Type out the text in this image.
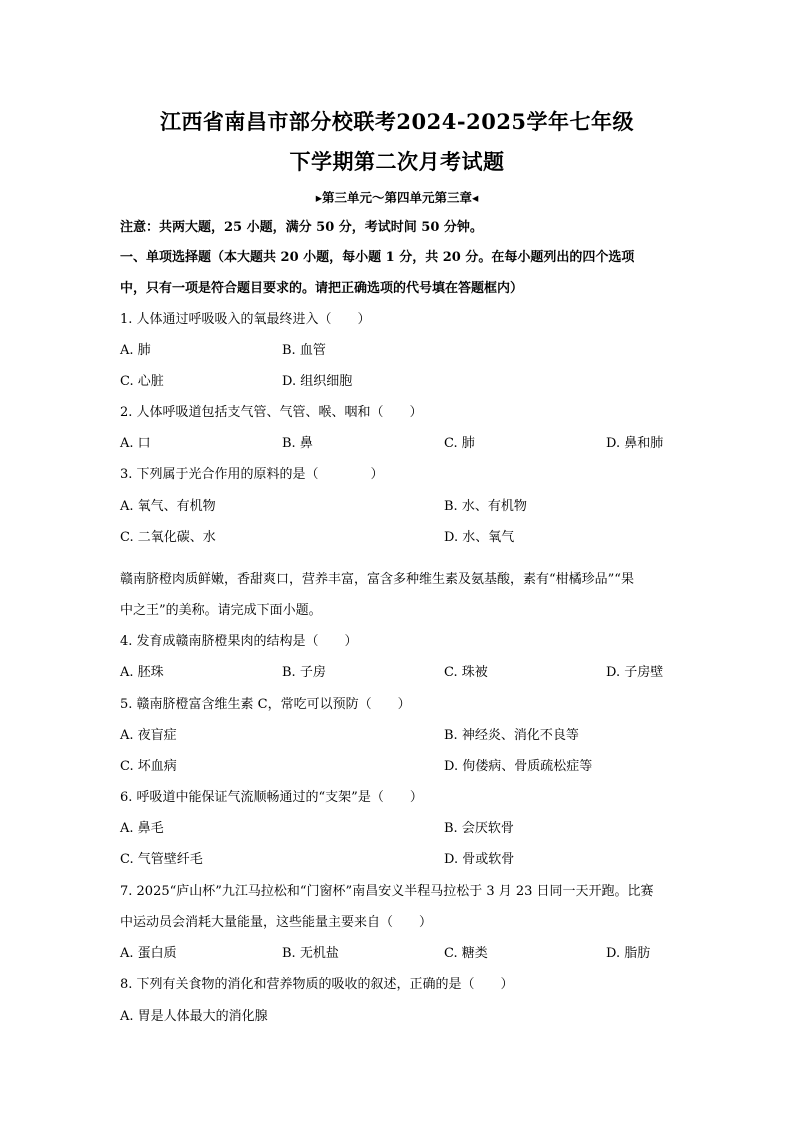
江西省南昌市部分校联考2024-2025学年七年级
下学期第二次月考试题
▸第三单元～第四单元第三章◂
注意：共两大题，25 小题，满分 50 分，考试时间 50 分钟。
一、单项选择题（本大题共 20 小题，每小题 1 分，共 20 分。在每小题列出的四个选项
中，只有一项是符合题目要求的。请把正确选项的代号填在答题框内）
1. 人体通过呼吸吸入的氧最终进入（　　）
A. 肺	B. 血管
C. 心脏	D. 组织细胞
2. 人体呼吸道包括支气管、气管、喉、咽和（　　）
A. 口	B. 鼻	C. 肺	D. 鼻和肺
3. 下列属于光合作用的原料的是（　　　　）
A. 氧气、有机物	B. 水、有机物
C. 二氧化碳、水	D. 水、氧气
赣南脐橙肉质鲜嫩，香甜爽口，营养丰富，富含多种维生素及氨基酸，素有“柑橘珍品”“果
中之王”的美称。请完成下面小题。
4. 发育成赣南脐橙果肉的结构是（　　）
A. 胚珠	B. 子房	C. 珠被	D. 子房壁
5. 赣南脐橙富含维生素 C，常吃可以预防（　　）
A. 夜盲症	B. 神经炎、消化不良等
C. 坏血病	D. 佝偻病、骨质疏松症等
6. 呼吸道中能保证气流顺畅通过的“支架”是（　　）
A. 鼻毛	B. 会厌软骨
C. 气管壁纤毛	D. 骨或软骨
7. 2025“庐山杯”九江马拉松和“门窗杯”南昌安义半程马拉松于 3 月 23 日同一天开跑。比赛
中运动员会消耗大量能量，这些能量主要来自（　　）
A. 蛋白质	B. 无机盐	C. 糖类	D. 脂肪
8. 下列有关食物的消化和营养物质的吸收的叙述，正确的是（　　）
A. 胃是人体最大的消化腺
